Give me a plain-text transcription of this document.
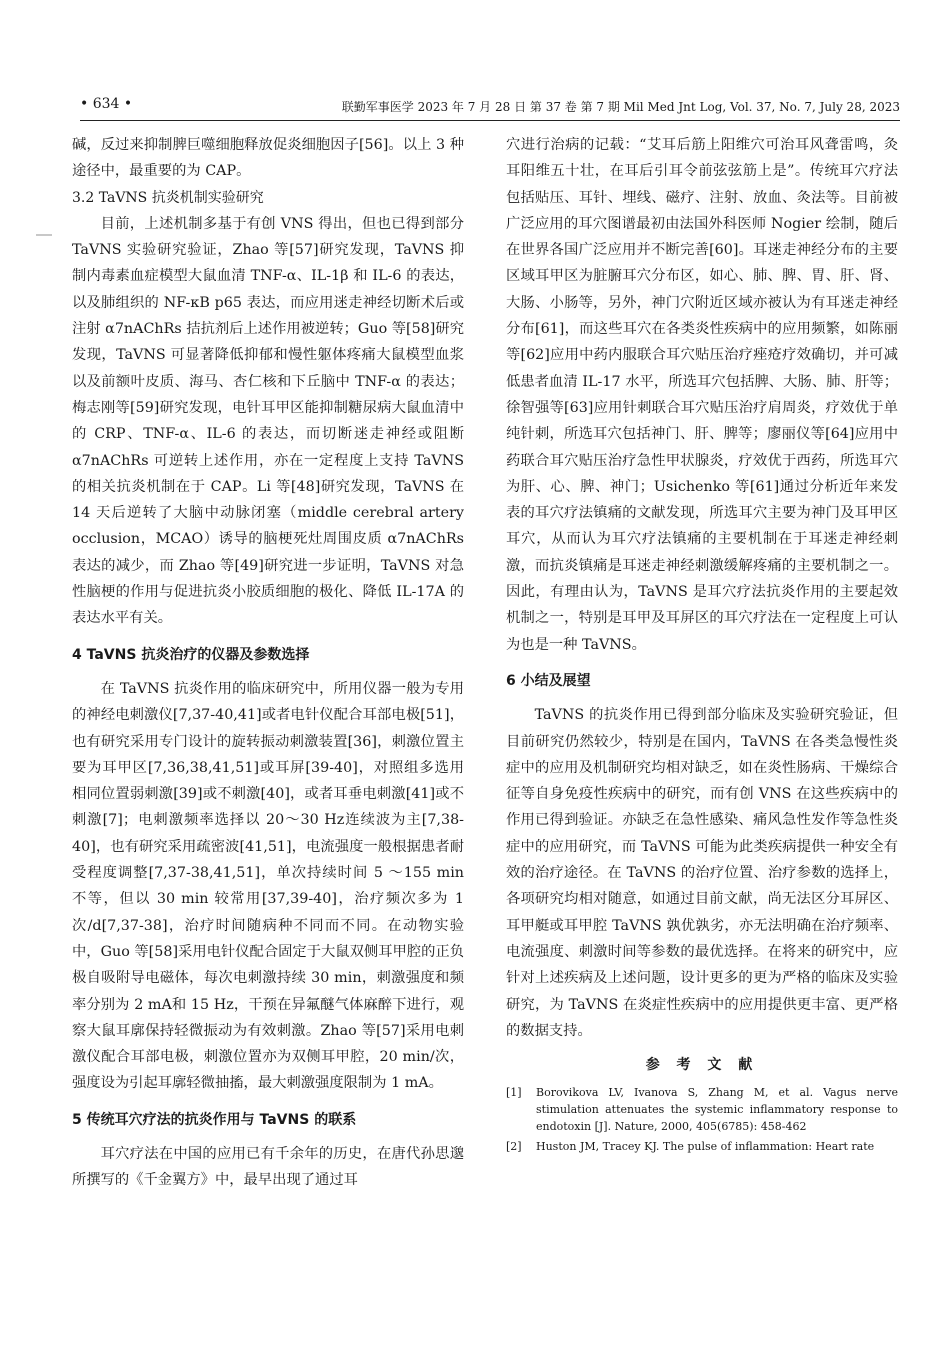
• 634 •	联勤军事医学 2023 年 7 月 28 日 第 37 卷 第 7 期 Mil Med Jnt Log, Vol. 37, No. 7, July 28, 2023

碱，反过来抑制脾巨噬细胞释放促炎细胞因子[56]。以上 3 种途径中，最重要的为 CAP。

3.2 TaVNS 抗炎机制实验研究

目前，上述机制多基于有创 VNS 得出，但也已得到部分 TaVNS 实验研究验证，Zhao 等[57]研究发现，TaVNS 抑制内毒素血症模型大鼠血清 TNF-α、IL-1β 和 IL-6 的表达，以及肺组织的 NF-κB p65 表达，而应用迷走神经切断术后或注射 α7nAChRs 拮抗剂后上述作用被逆转；Guo 等[58]研究发现，TaVNS 可显著降低抑郁和慢性躯体疼痛大鼠模型血浆以及前额叶皮质、海马、杏仁核和下丘脑中 TNF-α 的表达；梅志刚等[59]研究发现，电针耳甲区能抑制糖尿病大鼠血清中的 CRP、TNF-α、IL-6 的表达，而切断迷走神经或阻断 α7nAChRs 可逆转上述作用，亦在一定程度上支持 TaVNS 的相关抗炎机制在于 CAP。Li 等[48]研究发现，TaVNS 在 14 天后逆转了大脑中动脉闭塞（middle cerebral artery occlusion，MCAO）诱导的脑梗死灶周围皮质 α7nAChRs 表达的减少，而 Zhao 等[49]研究进一步证明，TaVNS 对急性脑梗的作用与促进抗炎小胶质细胞的极化、降低 IL-17A 的表达水平有关。

4 TaVNS 抗炎治疗的仪器及参数选择

在 TaVNS 抗炎作用的临床研究中，所用仪器一般为专用的神经电刺激仪[7,37-40,41]或者电针仪配合耳部电极[51]，也有研究采用专门设计的旋转振动刺激装置[36]，刺激位置主要为耳甲区[7,36,38,41,51]或耳屏[39-40]，对照组多选用相同位置弱刺激[39]或不刺激[40]，或者耳垂电刺激[41]或不刺激[7]；电刺激频率选择以 20～30 Hz连续波为主[7,38-40]，也有研究采用疏密波[41,51]，电流强度一般根据患者耐受程度调整[7,37-38,41,51]，单次持续时间 5 ～155 min 不等，但以 30 min 较常用[37,39-40]，治疗频次多为 1 次/d[7,37-38]，治疗时间随病种不同而不同。在动物实验中，Guo 等[58]采用电针仪配合固定于大鼠双侧耳甲腔的正负极自吸附导电磁体，每次电刺激持续 30 min，刺激强度和频率分别为 2 mA和 15 Hz，干预在异氟醚气体麻醉下进行，观察大鼠耳廓保持轻微振动为有效刺激。Zhao 等[57]采用电刺激仪配合耳部电极，刺激位置亦为双侧耳甲腔，20 min/次，强度设为引起耳廓轻微抽搐，最大刺激强度限制为 1 mA。

5 传统耳穴疗法的抗炎作用与 TaVNS 的联系

耳穴疗法在中国的应用已有千余年的历史，在唐代孙思邈所撰写的《千金翼方》中，最早出现了通过耳

穴进行治病的记载：“艾耳后筋上阳维穴可治耳风聋雷鸣，灸耳阳维五十壮，在耳后引耳令前弦弦筋上是”。传统耳穴疗法包括贴压、耳针、埋线、磁疗、注射、放血、灸法等。目前被广泛应用的耳穴图谱最初由法国外科医师 Nogier 绘制，随后在世界各国广泛应用并不断完善[60]。耳迷走神经分布的主要区域耳甲区为脏腑耳穴分布区，如心、肺、脾、胃、肝、肾、大肠、小肠等，另外，神门穴附近区域亦被认为有耳迷走神经分布[61]，而这些耳穴在各类炎性疾病中的应用频繁，如陈丽等[62]应用中药内服联合耳穴贴压治疗痤疮疗效确切，并可减低患者血清 IL-17 水平，所选耳穴包括脾、大肠、肺、肝等；徐智强等[63]应用针刺联合耳穴贴压治疗肩周炎，疗效优于单纯针刺，所选耳穴包括神门、肝、脾等；廖丽仪等[64]应用中药联合耳穴贴压治疗急性甲状腺炎，疗效优于西药，所选耳穴为肝、心、脾、神门；Usichenko 等[61]通过分析近年来发表的耳穴疗法镇痛的文献发现，所选耳穴主要为神门及耳甲区耳穴，从而认为耳穴疗法镇痛的主要机制在于耳迷走神经刺激，而抗炎镇痛是耳迷走神经刺激缓解疼痛的主要机制之一。因此，有理由认为，TaVNS 是耳穴疗法抗炎作用的主要起效机制之一，特别是耳甲及耳屏区的耳穴疗法在一定程度上可认为也是一种 TaVNS。

6 小结及展望

TaVNS 的抗炎作用已得到部分临床及实验研究验证，但目前研究仍然较少，特别是在国内，TaVNS 在各类急慢性炎症中的应用及机制研究均相对缺乏，如在炎性肠病、干燥综合征等自身免疫性疾病中的研究，而有创 VNS 在这些疾病中的作用已得到验证。亦缺乏在急性感染、痛风急性发作等急性炎症中的应用研究，而 TaVNS 可能为此类疾病提供一种安全有效的治疗途径。在 TaVNS 的治疗位置、治疗参数的选择上，各项研究均相对随意，如通过目前文献，尚无法区分耳屏区、耳甲艇或耳甲腔 TaVNS 孰优孰劣，亦无法明确在治疗频率、电流强度、刺激时间等参数的最优选择。在将来的研究中，应针对上述疾病及上述问题，设计更多的更为严格的临床及实验研究，为 TaVNS 在炎症性疾病中的应用提供更丰富、更严格的数据支持。

参 考 文 献

[1]	Borovikova LV, Ivanova S, Zhang M, et al. Vagus nerve stimulation attenuates the systemic inflammatory response to endotoxin [J]. Nature, 2000, 405(6785): 458-462
[2]	Huston JM, Tracey KJ. The pulse of inflammation: Heart rate
